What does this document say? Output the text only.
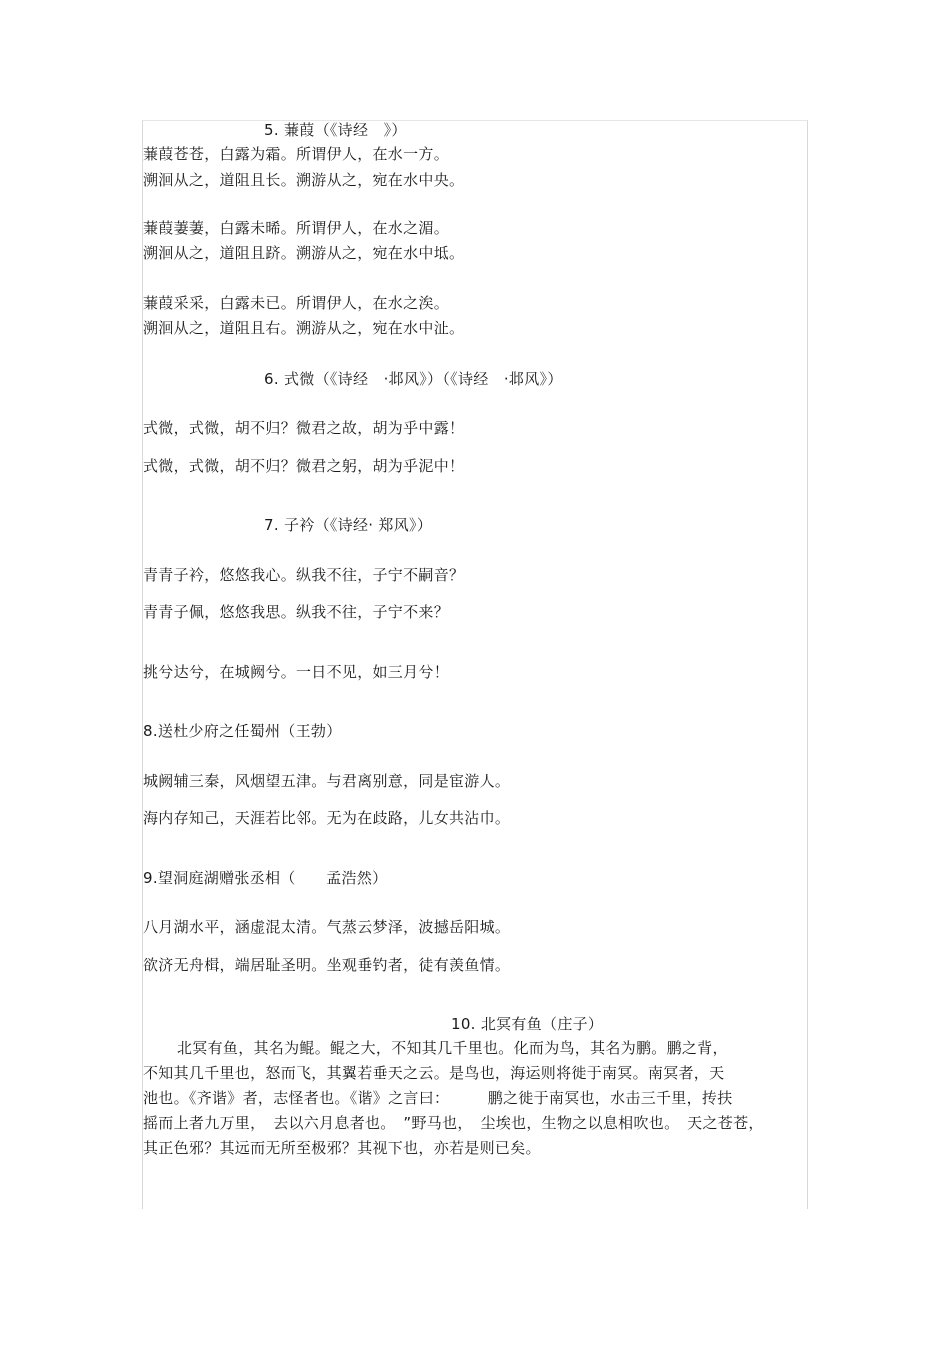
5. 蒹葭（《诗经　》）
蒹葭苍苍，白露为霜。所谓伊人，在水一方。
溯洄从之，道阻且长。溯游从之，宛在水中央。
蒹葭萋萋，白露未晞。所谓伊人，在水之湄。
溯洄从之，道阻且跻。溯游从之，宛在水中坻。
蒹葭采采，白露未已。所谓伊人，在水之涘。
溯洄从之，道阻且右。溯游从之，宛在水中沚。
6. 式微（《诗经　·邶风》）（《诗经　·邶风》）
式微，式微，胡不归？微君之故，胡为乎中露！
式微，式微，胡不归？微君之躬，胡为乎泥中！
7. 子衿（《诗经· 郑风》）
青青子衿，悠悠我心。纵我不往，子宁不嗣音？
青青子佩，悠悠我思。纵我不往，子宁不来？
挑兮达兮，在城阙兮。一日不见，如三月兮！
8.送杜少府之任蜀州（王勃）
城阙辅三秦，风烟望五津。与君离别意，同是宦游人。
海内存知己，天涯若比邻。无为在歧路，儿女共沾巾。
9.望洞庭湖赠张丞相（　　孟浩然）
八月湖水平，涵虚混太清。气蒸云梦泽，波撼岳阳城。
欲济无舟楫，端居耻圣明。坐观垂钓者，徒有羡鱼情。
10. 北冥有鱼（庄子）
北冥有鱼，其名为鲲。鲲之大，不知其几千里也。化而为鸟，其名为鹏。鹏之背，
不知其几千里也，怒而飞，其翼若垂天之云。是鸟也，海运则将徙于南冥。南冥者，天
池也。《齐谐》者，志怪者也。《谐》之言曰：　　　鹏之徙于南冥也，水击三千里，抟扶
摇而上者九万里，　去以六月息者也。　”野马也，　尘埃也，生物之以息相吹也。　天之苍苍，
其正色邪？其远而无所至极邪？其视下也，亦若是则已矣。
